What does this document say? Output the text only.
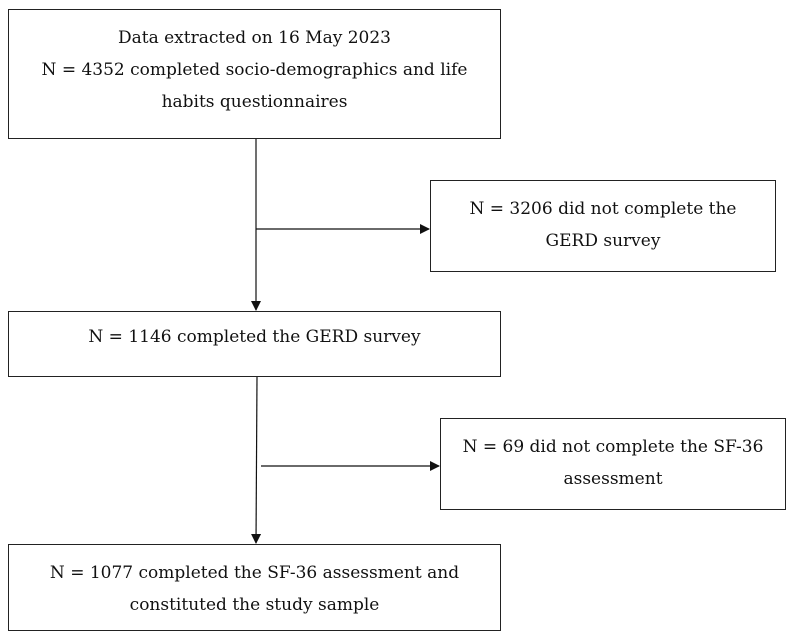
Data extracted on 16 May 2023
N = 4352 completed socio-demographics and life
habits questionnaires
N = 3206 did not complete the
GERD survey
N = 1146 completed the GERD survey
N = 69 did not complete the SF-36
assessment
N = 1077 completed the SF-36 assessment and
constituted the study sample
